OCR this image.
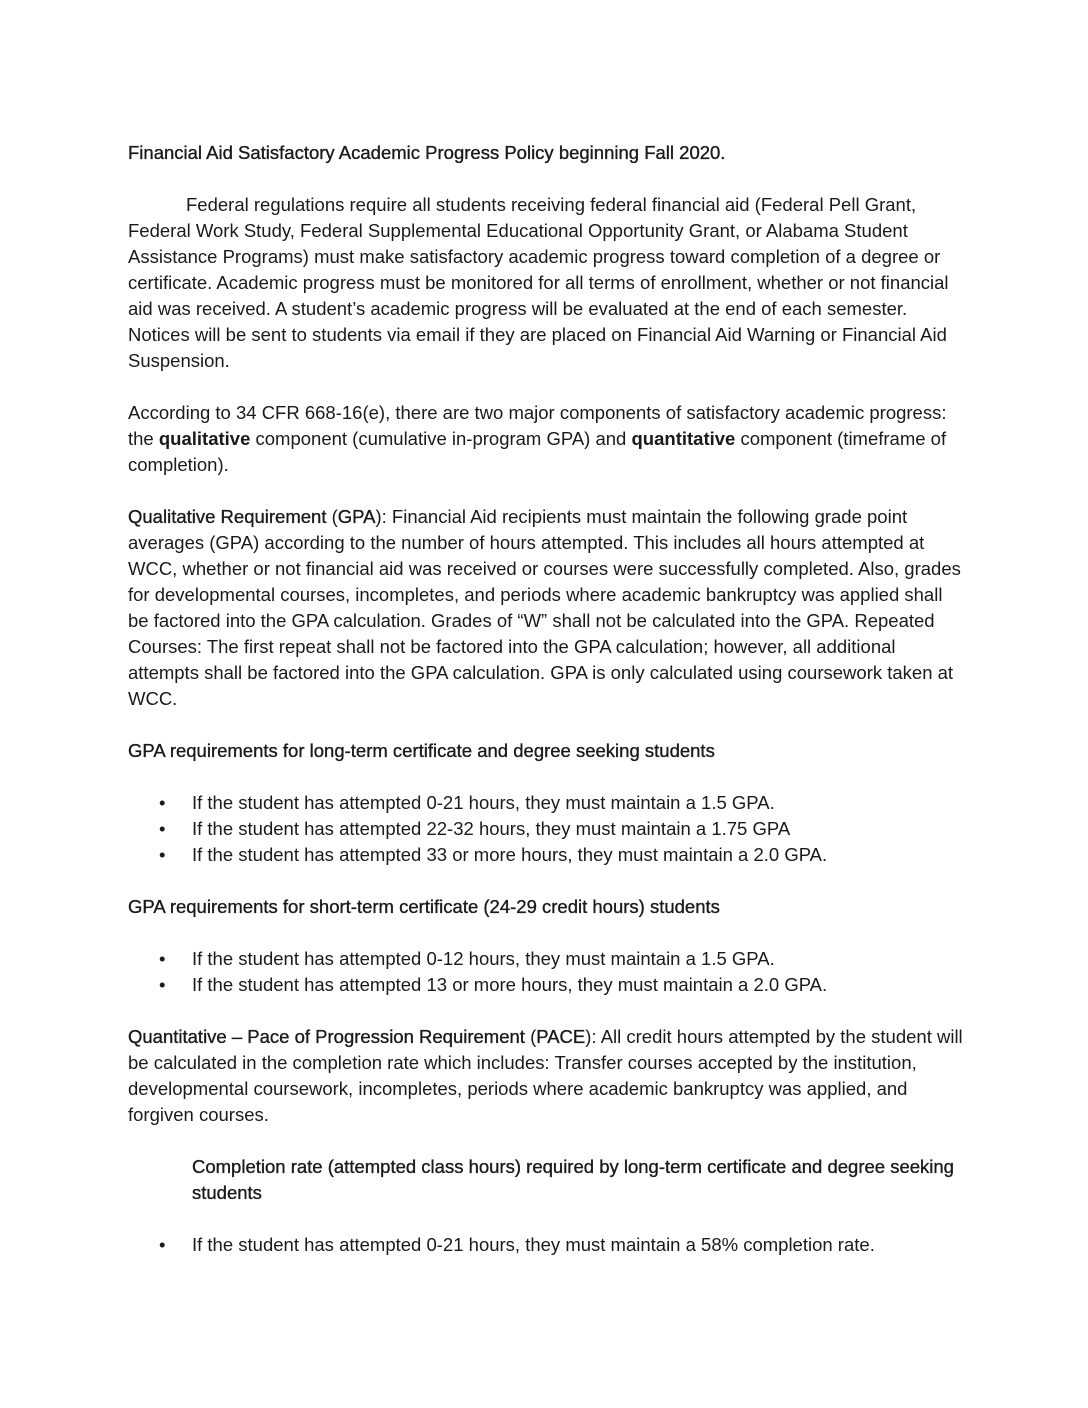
Financial Aid Satisfactory Academic Progress Policy beginning Fall 2020.

Federal regulations require all students receiving federal financial aid (Federal Pell Grant, Federal Work Study, Federal Supplemental Educational Opportunity Grant, or Alabama Student Assistance Programs) must make satisfactory academic progress toward completion of a degree or certificate. Academic progress must be monitored for all terms of enrollment, whether or not financial aid was received. A student’s academic progress will be evaluated at the end of each semester. Notices will be sent to students via email if they are placed on Financial Aid Warning or Financial Aid Suspension.

According to 34 CFR 668-16(e), there are two major components of satisfactory academic progress: the qualitative component (cumulative in-program GPA) and quantitative component (timeframe of completion).

Qualitative Requirement (GPA): Financial Aid recipients must maintain the following grade point averages (GPA) according to the number of hours attempted. This includes all hours attempted at WCC, whether or not financial aid was received or courses were successfully completed. Also, grades for developmental courses, incompletes, and periods where academic bankruptcy was applied shall be factored into the GPA calculation. Grades of “W” shall not be calculated into the GPA. Repeated Courses: The first repeat shall not be factored into the GPA calculation; however, all additional attempts shall be factored into the GPA calculation. GPA is only calculated using coursework taken at WCC.

GPA requirements for long-term certificate and degree seeking students
• If the student has attempted 0-21 hours, they must maintain a 1.5 GPA.
• If the student has attempted 22-32 hours, they must maintain a 1.75 GPA
• If the student has attempted 33 or more hours, they must maintain a 2.0 GPA.
GPA requirements for short-term certificate (24-29 credit hours) students
• If the student has attempted 0-12 hours, they must maintain a 1.5 GPA.
• If the student has attempted 13 or more hours, they must maintain a 2.0 GPA.

Quantitative – Pace of Progression Requirement (PACE): All credit hours attempted by the student will be calculated in the completion rate which includes: Transfer courses accepted by the institution, developmental coursework, incompletes, periods where academic bankruptcy was applied, and forgiven courses.

Completion rate (attempted class hours) required by long-term certificate and degree seeking students
• If the student has attempted 0-21 hours, they must maintain a 58% completion rate.
